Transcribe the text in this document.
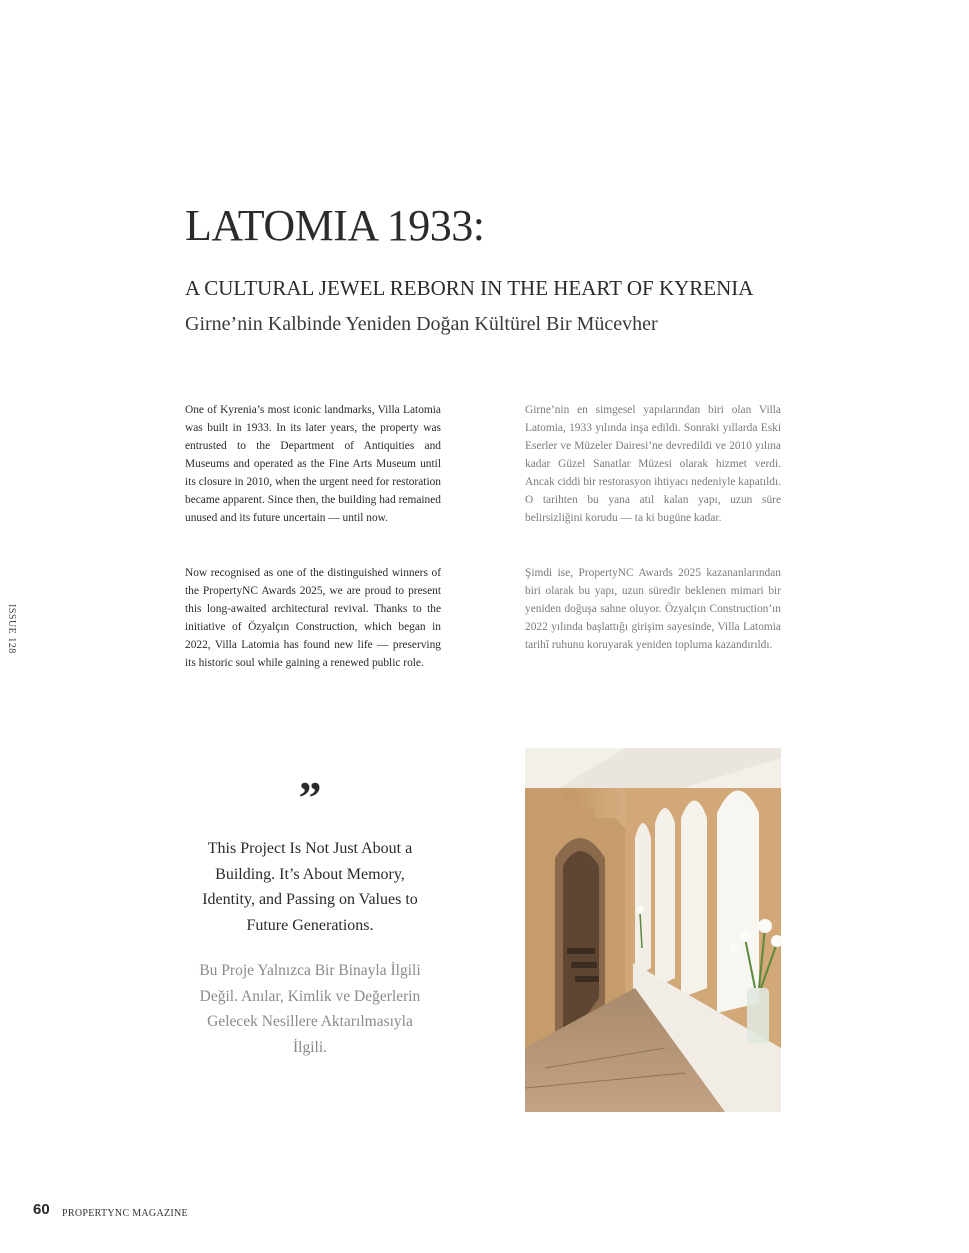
LATOMIA 1933:
A CULTURAL JEWEL REBORN IN THE HEART OF KYRENIA
Girne’nin Kalbinde Yeniden Doğan Kültürel Bir Mücevher

One of Kyrenia’s most iconic landmarks, Villa Latomia was built in 1933. In its later years, the property was entrusted to the Department of Antiquities and Museums and operated as the Fine Arts Museum until its closure in 2010, when the urgent need for restoration became apparent. Since then, the building had remained unused and its future uncertain — until now.

Now recognised as one of the distinguished winners of the PropertyNC Awards 2025, we are proud to present this long-awaited architectural revival. Thanks to the initiative of Özyalçın Construction, which began in 2022, Villa Latomia has found new life — preserving its historic soul while gaining a renewed public role.

Girne’nin en simgesel yapılarından biri olan Villa Latomia, 1933 yılında inşa edildi. Sonraki yıllarda Eski Eserler ve Müzeler Dairesi’ne devredildi ve 2010 yılına kadar Güzel Sanatlar Müzesi olarak hizmet verdi. Ancak ciddi bir restorasyon ihtiyacı nedeniyle kapatıldı. O tarihten bu yana atıl kalan yapı, uzun süre belirsizliğini korudu — ta ki bugüne kadar.

Şimdi ise, PropertyNC Awards 2025 kazananlarından biri olarak bu yapı, uzun süredir beklenen mimari bir yeniden doğuşa sahne oluyor. Özyalçın Construction’ın 2022 yılında başlattığı girişim sayesinde, Villa Latomia tarihî ruhunu koruyarak yeniden topluma kazandırıldı.

ISSUE 128
”

This Project Is Not Just About a Building. It’s About Memory, Identity, and Passing on Values to Future Generations.

Bu Proje Yalnızca Bir Binayla İlgili Değil. Anılar, Kimlik ve Değerlerin Gelecek Nesillere Aktarılmasıyla İlgili.

60 PROPERTYNC MAGAZINE
